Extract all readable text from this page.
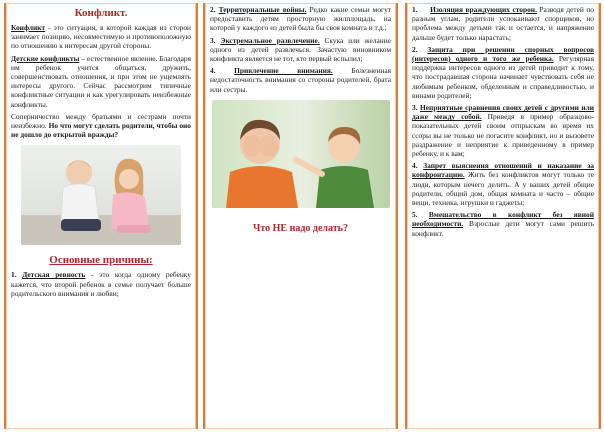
Конфликт.

Конфликт - это ситуация, в которой каждая из сторон занимает позицию, несовместимую и противоположную по отношению к интересам другой стороны.

Детские конфликты – естественное явление. Благодаря им ребенок учится общаться, дружить, совершенствовать отношения, и при этом не ущемлять интересы другого. Сейчас рассмотрим типичные конфликтные ситуации и как урегулировать неизбежные конфликты.

Соперничество между братьями и сестрами почти неизбежно. Но что могут сделать родители, чтобы оно не дошло до открытой вражды?

Основные причины:

1. Детская ревность - это когда одному ребенку кажется, что второй ребенок в семье получает больше родительского внимания и любви;

2. Территориальные войны. Редко какие семьи могут предоставить детям просторную жилплощадь, на которой у каждого из детей была бы своя комната и т.д.;

3. Экстремальное развлечение. Скука или желание одного из детей развлечься. Зачастую виновником конфликта является не тот, кто первый вспылил;

4. Привлечение внимания. Болезненная недостаточность внимания со стороны родителей, брата или сестры.

Что НЕ надо делать?

1. Изоляция враждующих сторон. Разводя детей по разным углам, родители успокаивают спорщиков, но проблема между детьми так и остается, и напряжение дальше будет только нарастать;

2. Защита при решении спорных вопросов (интересов) одного и того же ребенка. Регулярная поддержка интересов одного из детей приводит к тому, что пострадавшая сторона начинает чувствовать себя не любимым ребенком, обделенным и справедливостью, и винами родителей;

3. Неприятные сравнения своих детей с другими или даже между собой. Приведя в пример образцово-показательных детей своим отпрыскам во время их ссоры вы не только не погасите конфликт, но и вызовете раздражение и неприятие к приведенному в пример ребенку, и к вам;

4. Запрет выяснения отношений и наказание за конфронтацию. Жить без конфликтов могут только те люди, которым нечего делить. А у ваших детей общие родители, общий дом, общая комната и часто – общие вещи, техника, игрушки и гаджеты;

5. Вмешательство в конфликт без явной необходимости. Взрослые дети могут сами решить конфликт.
